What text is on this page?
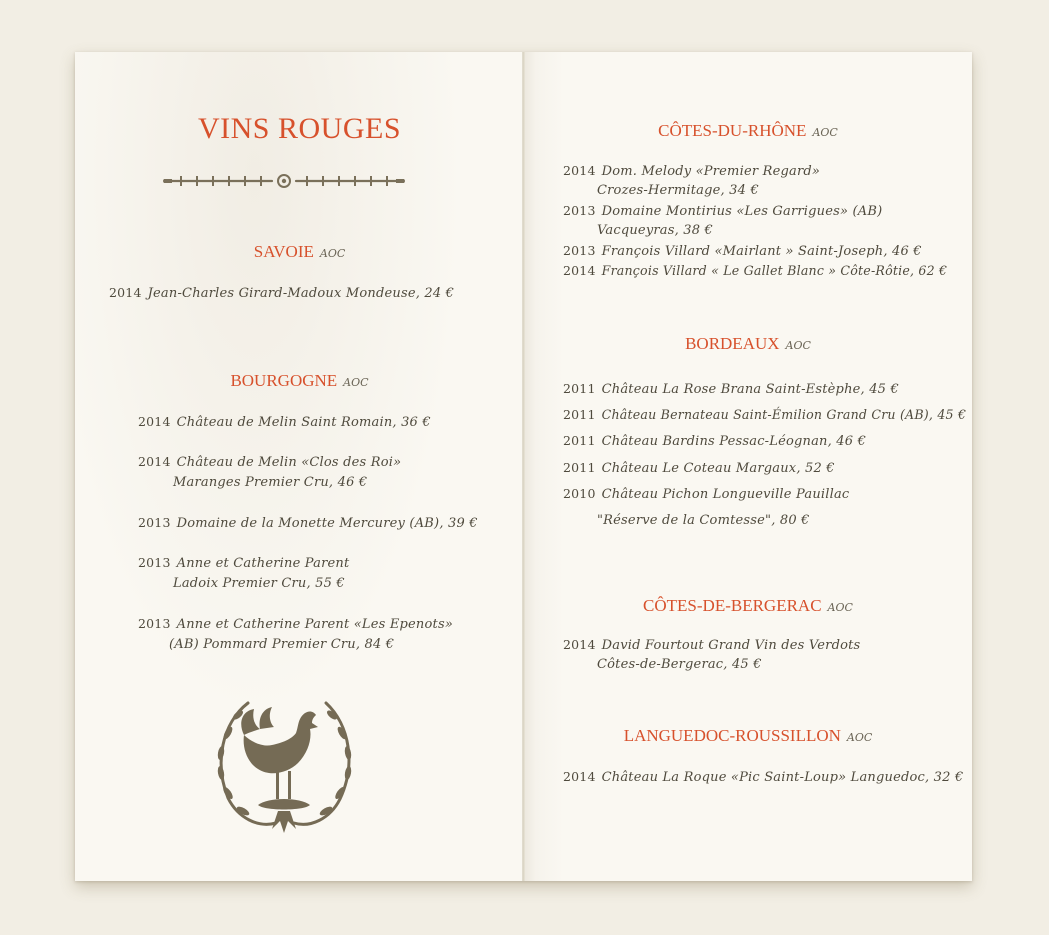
VINS ROUGES
SAVOIE AOC
2014 Jean-Charles Girard-Madoux Mondeuse, 24 €
BOURGOGNE AOC
2014 Château de Melin Saint Romain, 36 €
2014 Château de Melin «Clos des Roi»
Maranges Premier Cru, 46 €
2013 Domaine de la Monette Mercurey (AB), 39 €
2013 Anne et Catherine Parent
Ladoix Premier Cru, 55 €
2013 Anne et Catherine Parent «Les Epenots»
(AB) Pommard Premier Cru, 84 €
CÔTES-DU-RHÔNE AOC
2014 Dom. Melody «Premier Regard»
Crozes-Hermitage, 34 €
2013 Domaine Montirius «Les Garrigues» (AB)
Vacqueyras, 38 €
2013 François Villard «Mairlant » Saint-Joseph, 46 €
2014 François Villard « Le Gallet Blanc » Côte-Rôtie, 62 €
BORDEAUX AOC
2011 Château La Rose Brana Saint-Estèphe, 45 €
2011 Château Bernateau Saint-Émilion Grand Cru (AB), 45 €
2011 Château Bardins Pessac-Léognan, 46 €
2011 Château Le Coteau Margaux, 52 €
2010 Château Pichon Longueville Pauillac
"Réserve de la Comtesse", 80 €
CÔTES-DE-BERGERAC AOC
2014 David Fourtout Grand Vin des Verdots
Côtes-de-Bergerac, 45 €
LANGUEDOC-ROUSSILLON AOC
2014 Château La Roque «Pic Saint-Loup» Languedoc, 32 €
